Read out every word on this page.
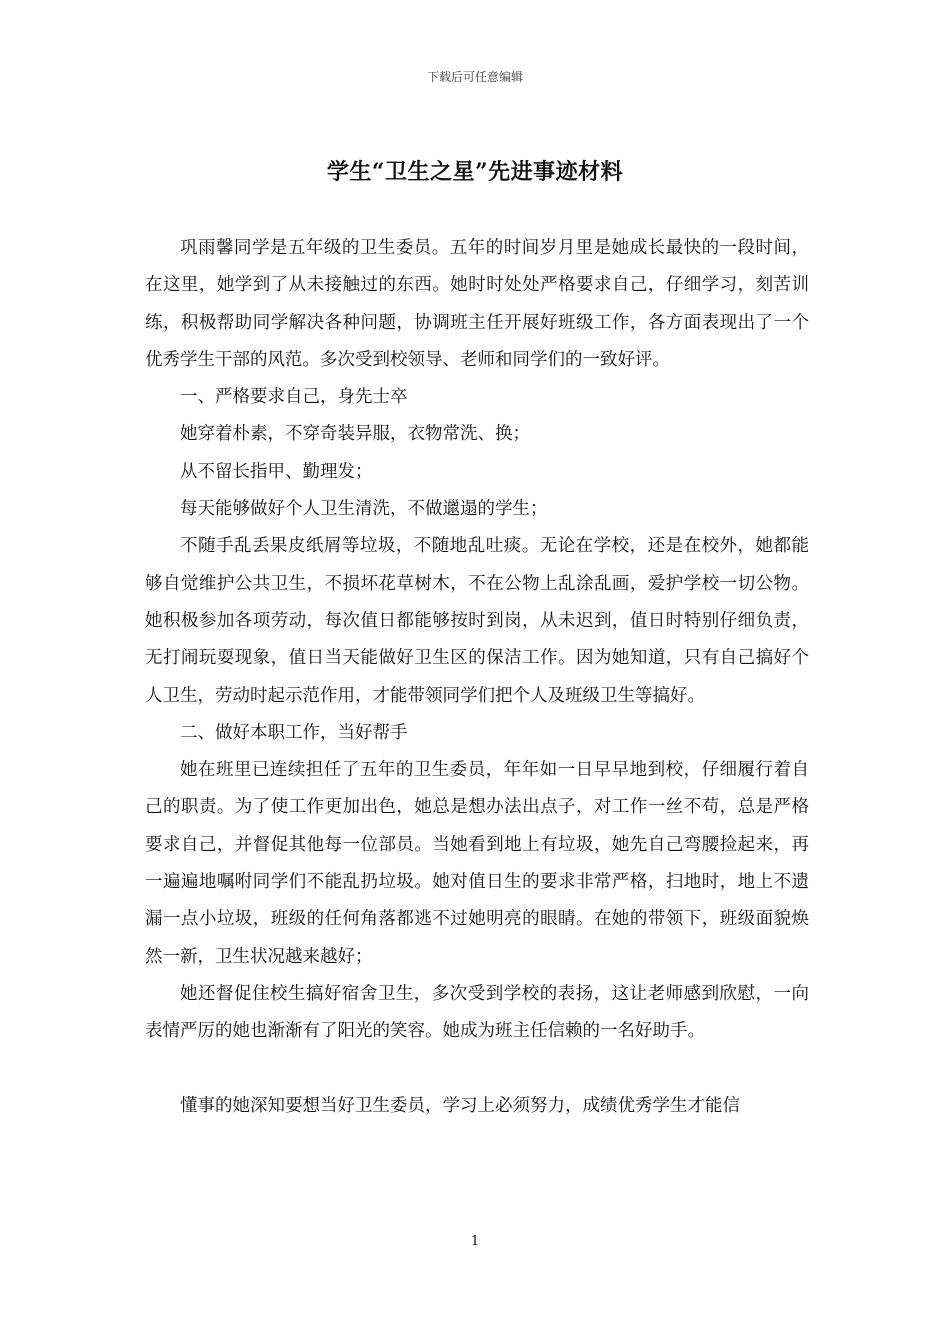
下载后可任意编辑
学生“卫生之星”先进事迹材料

巩雨馨同学是五年级的卫生委员。五年的时间岁月里是她成长最快的一段时间，在这里，她学到了从未接触过的东西。她时时处处严格要求自己，仔细学习，刻苦训练，积极帮助同学解决各种问题，协调班主任开展好班级工作，各方面表现出了一个优秀学生干部的风范。多次受到校领导、老师和同学们的一致好评。

一、严格要求自己，身先士卒

她穿着朴素，不穿奇装异服，衣物常洗、换；

从不留长指甲、勤理发；

每天能够做好个人卫生清洗，不做邋遢的学生；

不随手乱丢果皮纸屑等垃圾，不随地乱吐痰。无论在学校，还是在校外，她都能够自觉维护公共卫生，不损坏花草树木，不在公物上乱涂乱画，爱护学校一切公物。她积极参加各项劳动，每次值日都能够按时到岗，从未迟到，值日时特别仔细负责，无打闹玩耍现象，值日当天能做好卫生区的保洁工作。因为她知道，只有自己搞好个人卫生，劳动时起示范作用，才能带领同学们把个人及班级卫生等搞好。

二、做好本职工作，当好帮手

她在班里已连续担任了五年的卫生委员，年年如一日早早地到校，仔细履行着自己的职责。为了使工作更加出色，她总是想办法出点子，对工作一丝不苟，总是严格要求自己，并督促其他每一位部员。当她看到地上有垃圾，她先自己弯腰捡起来，再一遍遍地嘱咐同学们不能乱扔垃圾。她对值日生的要求非常严格，扫地时，地上不遗漏一点小垃圾，班级的任何角落都逃不过她明亮的眼睛。在她的带领下，班级面貌焕然一新，卫生状况越来越好；

她还督促住校生搞好宿舍卫生，多次受到学校的表扬，这让老师感到欣慰，一向表情严厉的她也渐渐有了阳光的笑容。她成为班主任信赖的一名好助手。

懂事的她深知要想当好卫生委员，学习上必须努力，成绩优秀学生才能信

1
